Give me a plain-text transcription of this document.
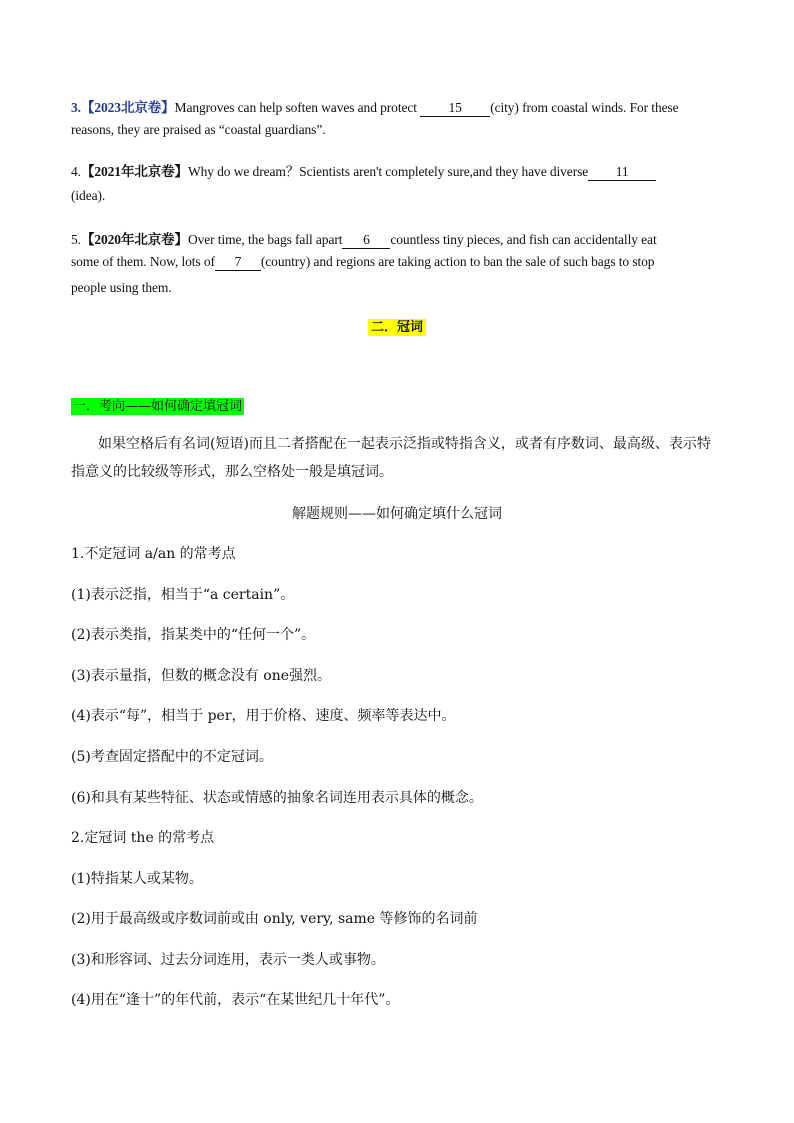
3.【2023北京卷】Mangroves can help soften waves and protect 15 (city) from coastal winds. For these
reasons, they are praised as “coastal guardians”.
4.【2021年北京卷】Why do we dream？Scientists aren't completely sure,and they have diverse 11
(idea).
5.【2020年北京卷】Over time, the bags fall apart 6 countless tiny pieces, and fish can accidentally eat
some of them. Now, lots of 7 (country) and regions are taking action to ban the sale of such bags to stop
people using them.
二．冠词
一．考向——如何确定填冠词
如果空格后有名词(短语)而且二者搭配在一起表示泛指或特指含义，或者有序数词、最高级、表示特指意义的比较级等形式，那么空格处一般是填冠词。
解题规则——如何确定填什么冠词
1.不定冠词 a/an 的常考点
(1)表示泛指，相当于“a certain”。
(2)表示类指，指某类中的“任何一个”。
(3)表示量指，但数的概念没有 one强烈。
(4)表示“每”，相当于 per，用于价格、速度、频率等表达中。
(5)考查固定搭配中的不定冠词。
(6)和具有某些特征、状态或情感的抽象名词连用表示具体的概念。
2.定冠词 the 的常考点
(1)特指某人或某物。
(2)用于最高级或序数词前或由 only, very, same 等修饰的名词前
(3)和形容词、过去分词连用，表示一类人或事物。
(4)用在“逢十”的年代前，表示“在某世纪几十年代”。
